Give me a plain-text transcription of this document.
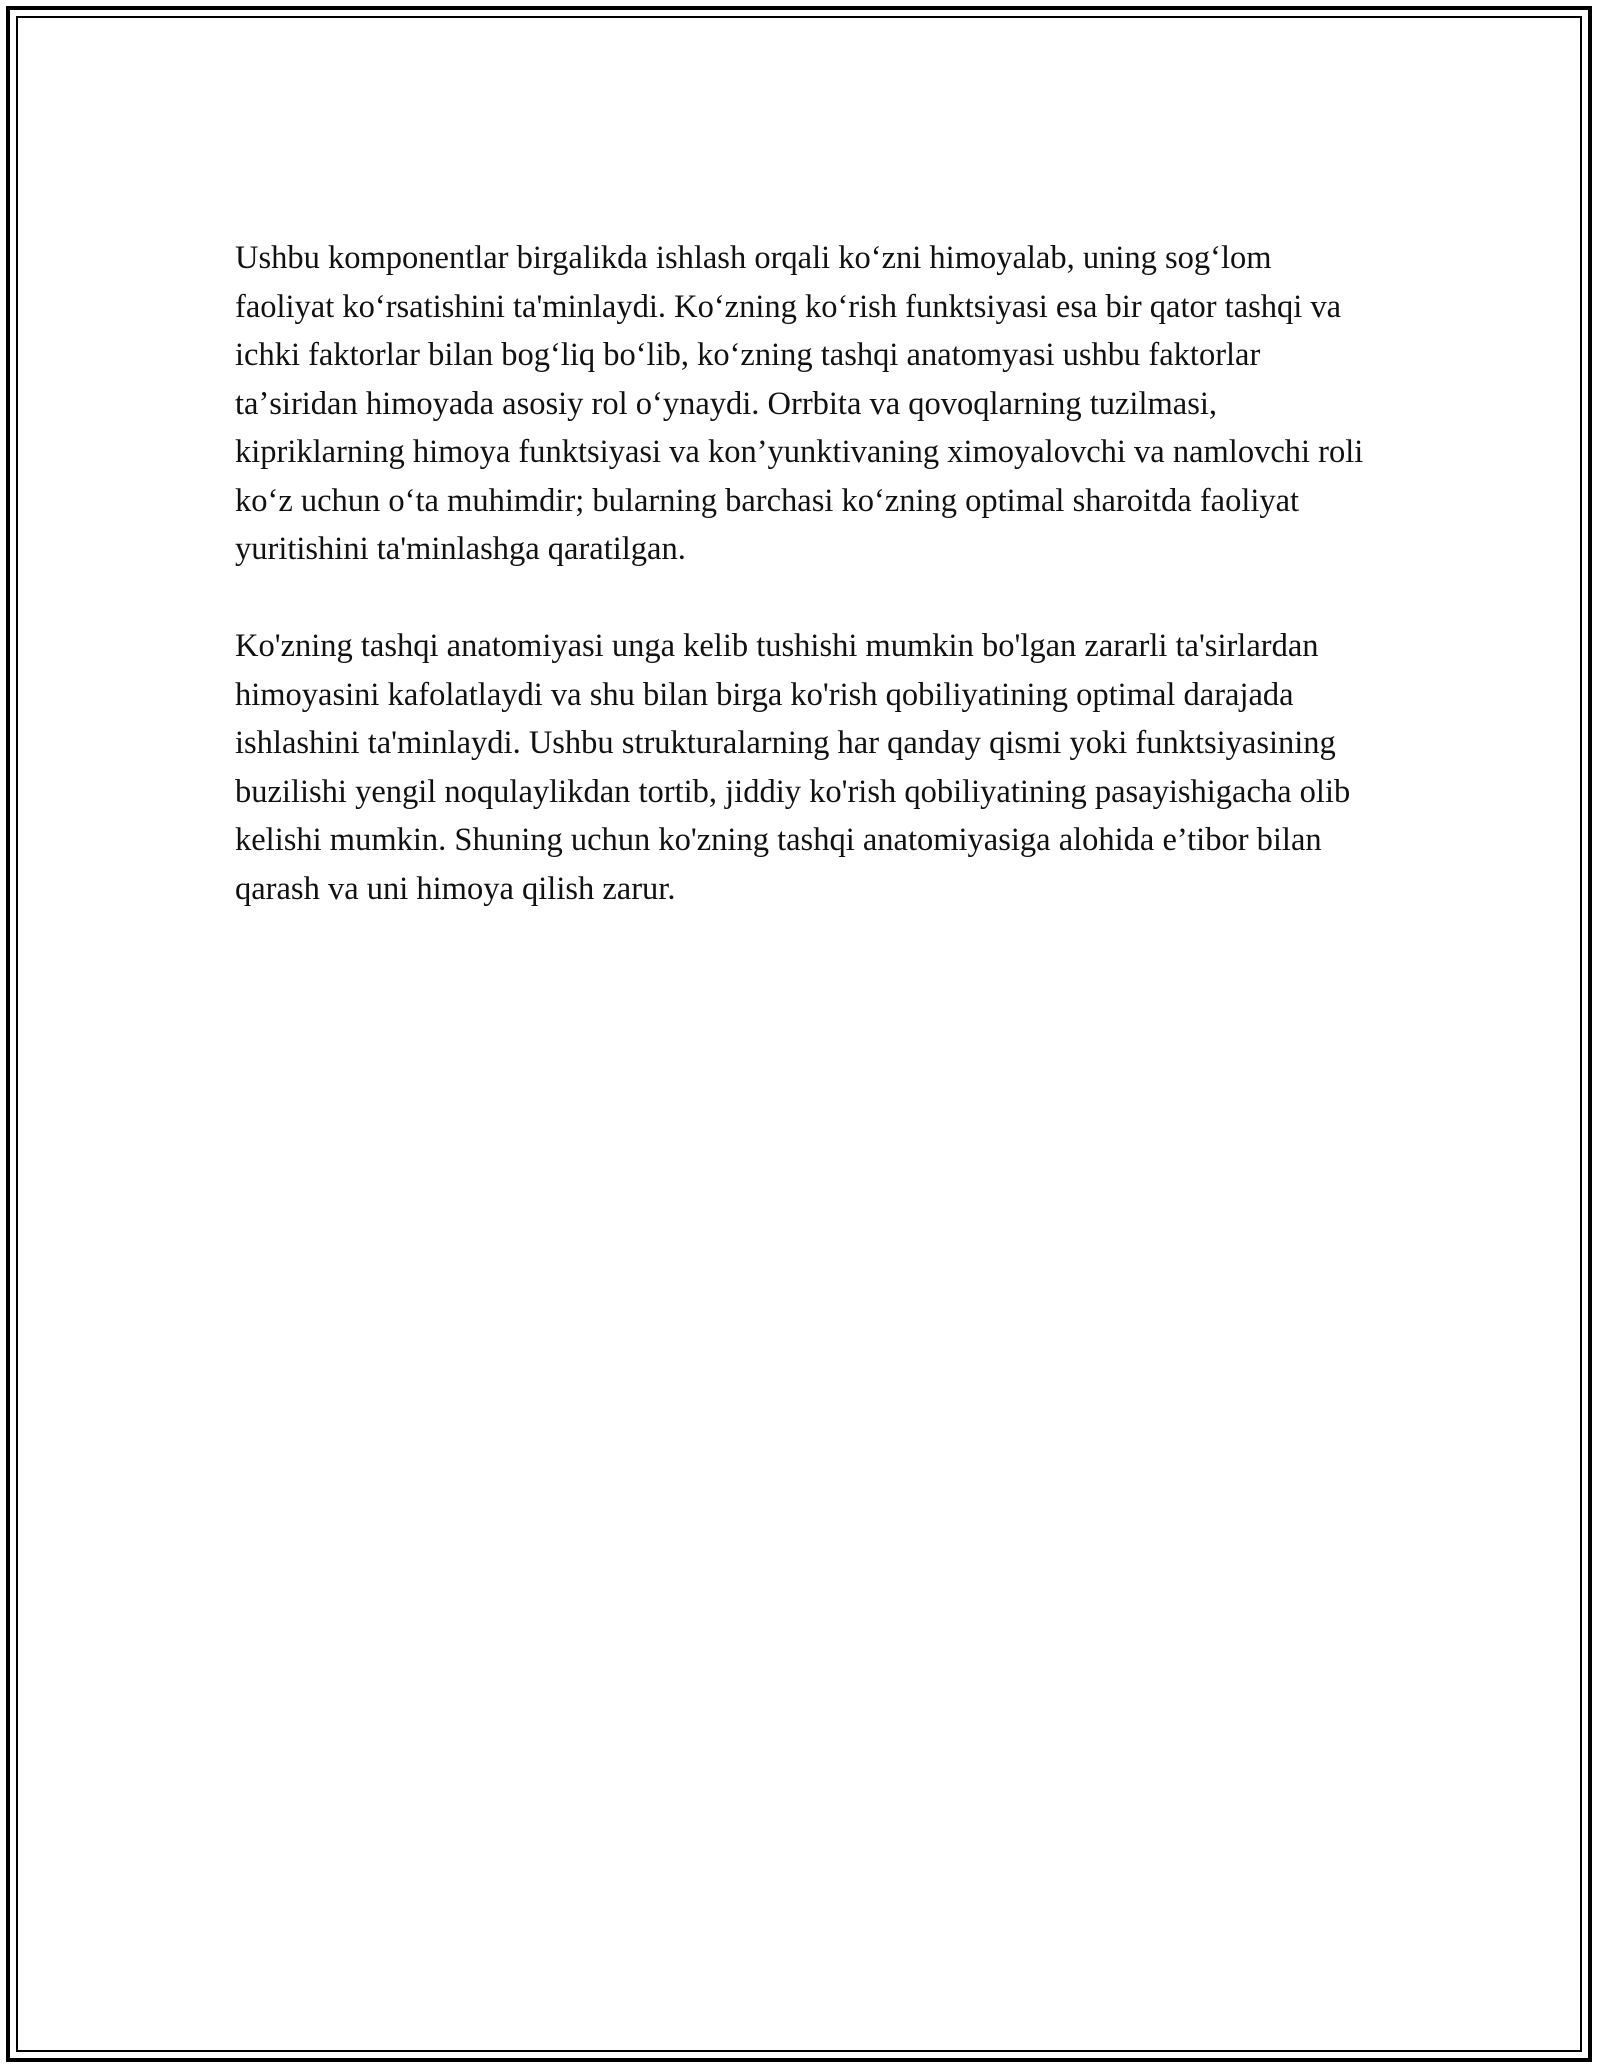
Ushbu komponentlar birgalikda ishlash orqali koʻzni himoyalab, uning sogʻlom faoliyat koʻrsatishini ta'minlaydi. Koʻzning koʻrish funktsiyasi esa bir qator tashqi va ichki faktorlar bilan bogʻliq boʻlib, koʻzning tashqi anatomyasi ushbu faktorlar taʼsiridan himoyada asosiy rol oʻynaydi. Orrbita va qovoqlarning tuzilmasi, kipriklarning himoya funktsiyasi va kon’yunktivaning ximoyalovchi va namlovchi roli koʻz uchun oʻta muhimdir; bularning barchasi koʻzning optimal sharoitda faoliyat yuritishini ta'minlashga qaratilgan.

Ko'zning tashqi anatomiyasi unga kelib tushishi mumkin bo'lgan zararli ta'sirlardan himoyasini kafolatlaydi va shu bilan birga ko'rish qobiliyatining optimal darajada ishlashini ta'minlaydi. Ushbu strukturalarning har qanday qismi yoki funktsiyasining buzilishi yengil noqulaylikdan tortib, jiddiy ko'rish qobiliyatining pasayishigacha olib kelishi mumkin. Shuning uchun ko'zning tashqi anatomiyasiga alohida e’tibor bilan qarash va uni himoya qilish zarur.
